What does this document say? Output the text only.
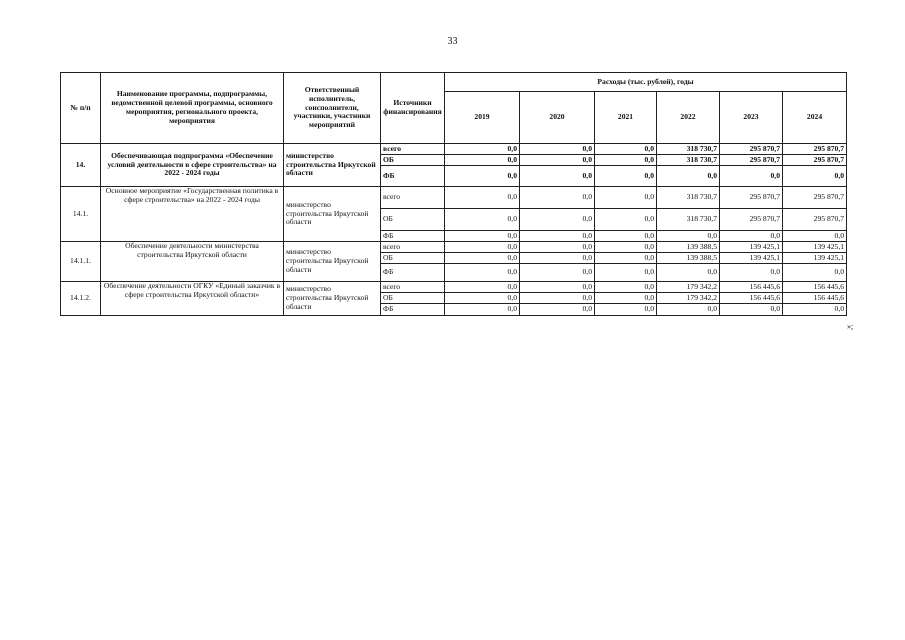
33
№ п/п	Наименование программы, подпрограммы, ведомственной целевой программы, основного мероприятия, регионального проекта, мероприятия	Ответственный исполнитель, соисполнители, участники, участники мероприятий	Источники финансирования	Расходы (тыс. рублей), годы					
				2019	2020	2021	2022	2023	2024
14.	Обеспечивающая подпрограмма «Обеспечение условий деятельности в сфере строительства» на 2022 - 2024 годы	министерство строительства Иркутской области	всего	0,0	0,0	0,0	318 730,7	295 870,7	295 870,7
			ОБ	0,0	0,0	0,0	318 730,7	295 870,7	295 870,7
			ФБ	0,0	0,0	0,0	0,0	0,0	0,0
14.1.	Основное мероприятие «Государственная политика в сфере строительства» на 2022 - 2024 годы	министерство строительства Иркутской области	всего	0,0	0,0	0,0	318 730,7	295 870,7	295 870,7
			ОБ	0,0	0,0	0,0	318 730,7	295 870,7	295 870,7
			ФБ	0,0	0,0	0,0	0,0	0,0	0,0
14.1.1.	Обеспечение деятельности министерства строительства Иркутской области	министерство строительства Иркутской области	всего	0,0	0,0	0,0	139 388,5	139 425,1	139 425,1
			ОБ	0,0	0,0	0,0	139 388,5	139 425,1	139 425,1
			ФБ	0,0	0,0	0,0	0,0	0,0	0,0
14.1.2.	Обеспечение деятельности ОГКУ «Единый заказчик в сфере строительства Иркутской области»	министерство строительства Иркутской области	всего	0,0	0,0	0,0	179 342,2	156 445,6	156 445,6
			ОБ	0,0	0,0	0,0	179 342,2	156 445,6	156 445,6
			ФБ	0,0	0,0	0,0	0,0	0,0	0,0
»;
